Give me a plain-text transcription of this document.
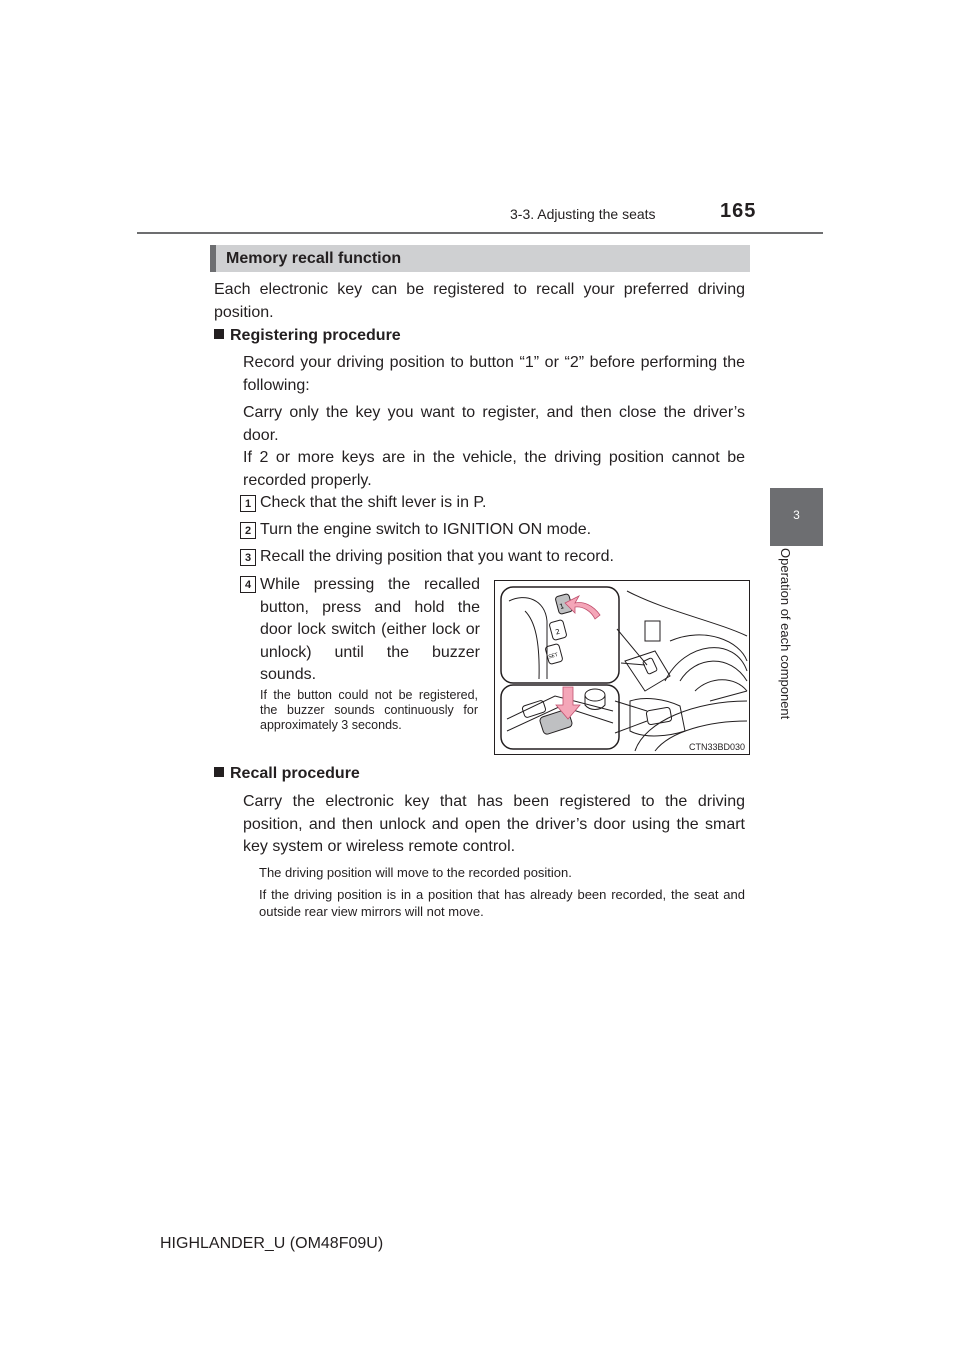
3-3. Adjusting the seats	165
3
Operation of each component
Memory recall function
Each electronic key can be registered to recall your preferred driving position.
Registering procedure
Record your driving position to button “1” or “2” before performing the following:
Carry only the key you want to register, and then close the driver’s door.
If 2 or more keys are in the vehicle, the driving position cannot be recorded properly.
1 Check that the shift lever is in P.
2 Turn the engine switch to IGNITION ON mode.
3 Recall the driving position that you want to record.
4 While pressing the recalled button, press and hold the door lock switch (either lock or unlock) until the buzzer sounds.
If the button could not be registered, the buzzer sounds continuously for approximately 3 seconds.
1
2
SET
CTN33BD030
Recall procedure
Carry the electronic key that has been registered to the driving position, and then unlock and open the driver’s door using the smart key system or wireless remote control.
The driving position will move to the recorded position.
If the driving position is in a position that has already been recorded, the seat and outside rear view mirrors will not move.
HIGHLANDER_U (OM48F09U)
